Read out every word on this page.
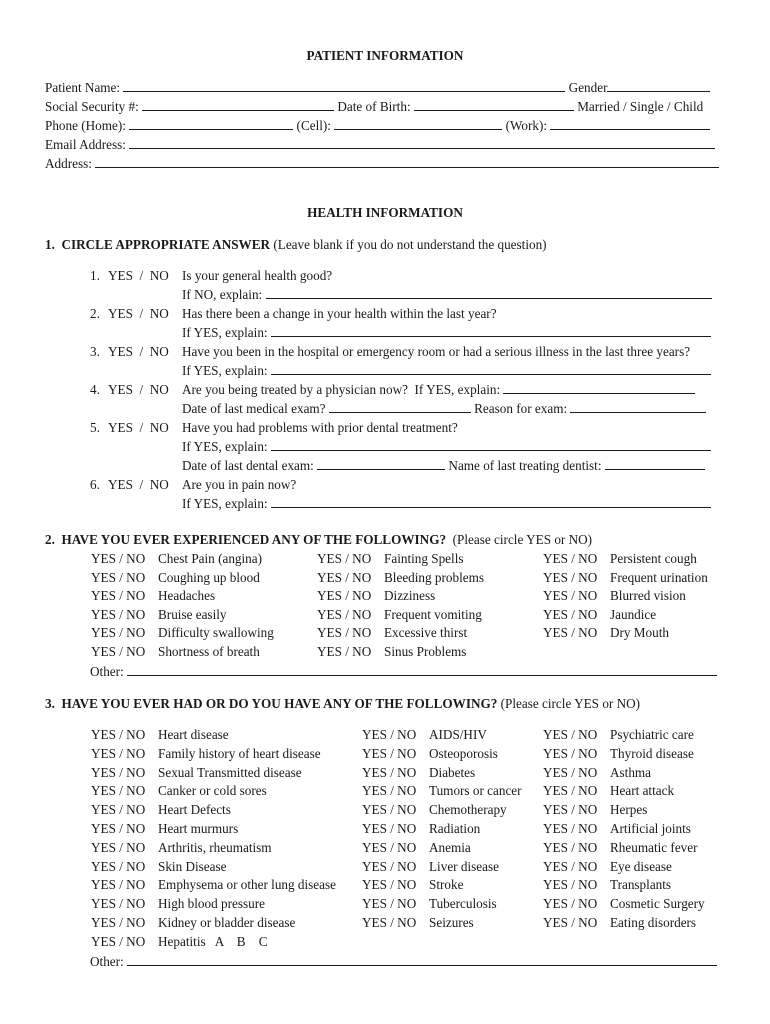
PATIENT INFORMATION
Patient Name:	Gender
Social Security #:	Date of Birth:	Married / Single / Child
Phone (Home):	(Cell):	(Work):
Email Address:
Address:
HEALTH INFORMATION
1.  CIRCLE APPROPRIATE ANSWER (Leave blank if you do not understand the question)
1. YES  /  NO Is your general health good?
If NO, explain:
2. YES  /  NO Has there been a change in your health within the last year?
If YES, explain:
3. YES  /  NO Have you been in the hospital or emergency room or had a serious illness in the last three years?
If YES, explain:
4. YES  /  NO Are you being treated by a physician now?  If YES, explain:
Date of last medical exam?	Reason for exam:
5. YES  /  NO Have you had problems with prior dental treatment?
If YES, explain:
Date of last dental exam:	Name of last treating dentist:
6. YES  /  NO Are you in pain now?
If YES, explain:
2.  HAVE YOU EVER EXPERIENCED ANY OF THE FOLLOWING?  (Please circle YES or NO)
YES / NO Chest Pain (angina)
YES / NO Coughing up blood
YES / NO Headaches
YES / NO Bruise easily
YES / NO Difficulty swallowing
YES / NO Shortness of breath
YES / NO Fainting Spells
YES / NO Bleeding problems
YES / NO Dizziness
YES / NO Frequent vomiting
YES / NO Excessive thirst
YES / NO Sinus Problems
YES / NO Persistent cough
YES / NO Frequent urination
YES / NO Blurred vision
YES / NO Jaundice
YES / NO Dry Mouth
Other:
3.  HAVE YOU EVER HAD OR DO YOU HAVE ANY OF THE FOLLOWING? (Please circle YES or NO)
YES / NO Heart disease
YES / NO Family history of heart disease
YES / NO Sexual Transmitted disease
YES / NO Canker or cold sores
YES / NO Heart Defects
YES / NO Heart murmurs
YES / NO Arthritis, rheumatism
YES / NO Skin Disease
YES / NO Emphysema or other lung disease
YES / NO High blood pressure
YES / NO Kidney or bladder disease
YES / NO Hepatitis   A    B    C
YES / NO AIDS/HIV
YES / NO Osteoporosis
YES / NO Diabetes
YES / NO Tumors or cancer
YES / NO Chemotherapy
YES / NO Radiation
YES / NO Anemia
YES / NO Liver disease
YES / NO Stroke
YES / NO Tuberculosis
YES / NO Seizures
YES / NO Psychiatric care
YES / NO Thyroid disease
YES / NO Asthma
YES / NO Heart attack
YES / NO Herpes
YES / NO Artificial joints
YES / NO Rheumatic fever
YES / NO Eye disease
YES / NO Transplants
YES / NO Cosmetic Surgery
YES / NO Eating disorders
Other:
